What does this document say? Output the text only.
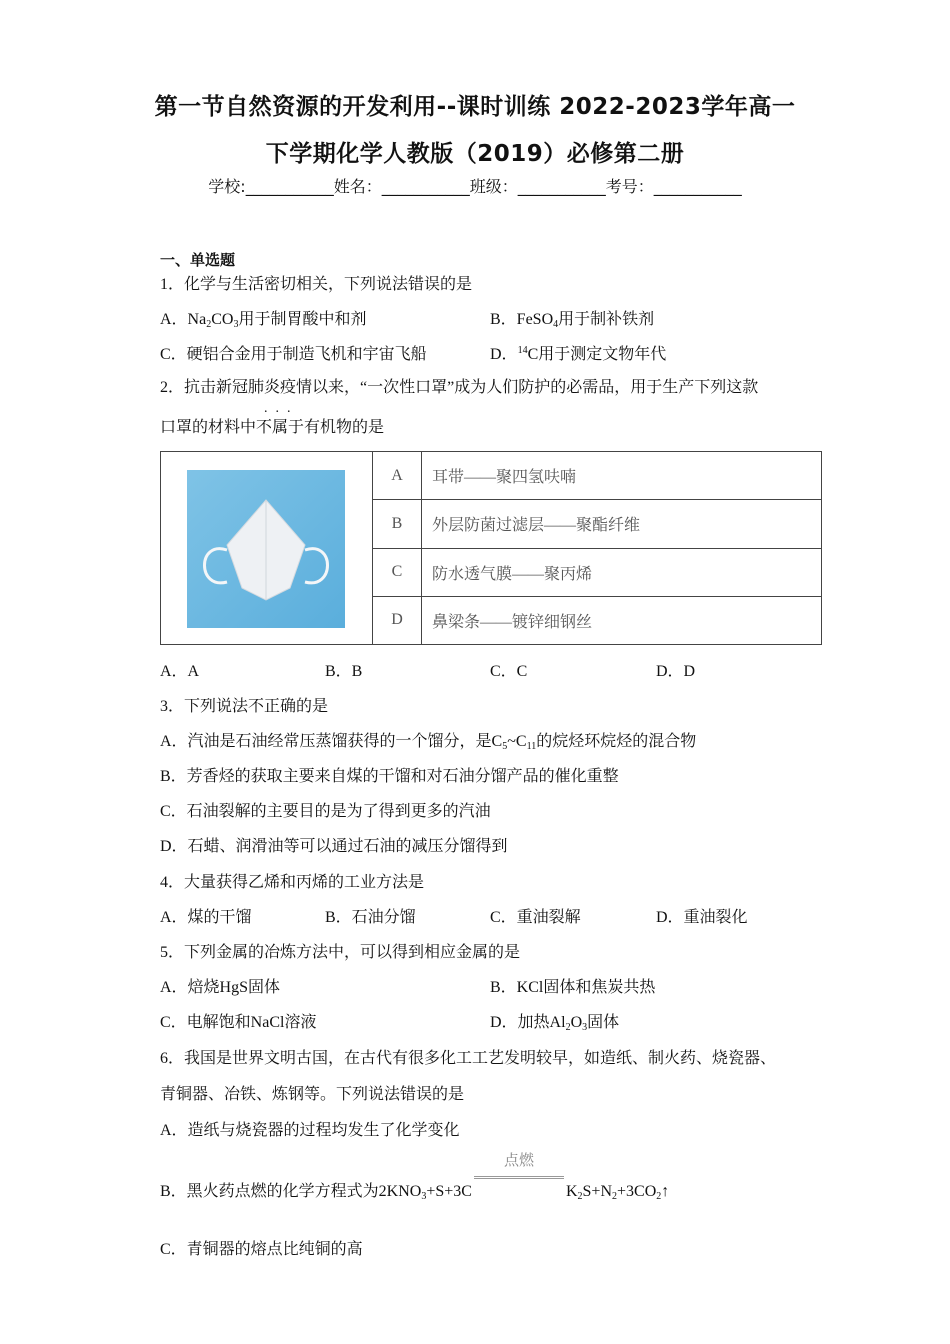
第一节自然资源的开发利用--课时训练 2022-2023学年高一
下学期化学人教版（2019）必修第二册
学校:___________姓名：___________班级：___________考号：___________
一、单选题
1．化学与生活密切相关，下列说法错误的是
A．$Na_2CO_3$用于制胃酸中和剂	B．FeSO$_4$用于制补铁剂
C．硬铝合金用于制造飞机和宇宙飞船	D．$^{14}$C用于测定文物年代
2．抗击新冠肺炎疫情以来，“一次性口罩”成为人们防护的必需品，用于生产下列这款
...
口罩的材料中不属于有机物的是
	A	耳带——聚四氢呋喃
	B	外层防菌过滤层——聚酯纤维
	C	防水透气膜——聚丙烯
	D	鼻梁条——镀锌细钢丝
A．A	B．B	C．C	D．D
3．下列说法不正确的是
A．汽油是石油经常压蒸馏获得的一个馏分，是$C_5\sim C_{11}$的烷烃环烷烃的混合物
B．芳香烃的获取主要来自煤的干馏和对石油分馏产品的催化重整
C．石油裂解的主要目的是为了得到更多的汽油
D．石蜡、润滑油等可以通过石油的减压分馏得到
4．大量获得乙烯和丙烯的工业方法是
A．煤的干馏	B．石油分馏	C．重油裂解	D．重油裂化
5．下列金属的冶炼方法中，可以得到相应金属的是
A．焙烧HgS固体	B．KCl固体和焦炭共热
C．电解饱和NaCl溶液	D．加热$Al_2O_3$固体
6．我国是世界文明古国，在古代有很多化工工艺发明较早，如造纸、制火药、烧瓷器、
青铜器、冶铁、炼钢等。下列说法错误的是
A．造纸与烧瓷器的过程均发生了化学变化
B．黑火药点燃的化学方程式为$2KNO_3+S+3C$
点燃
$K_2S+N_2+3CO_2↑$
C．青铜器的熔点比纯铜的高
